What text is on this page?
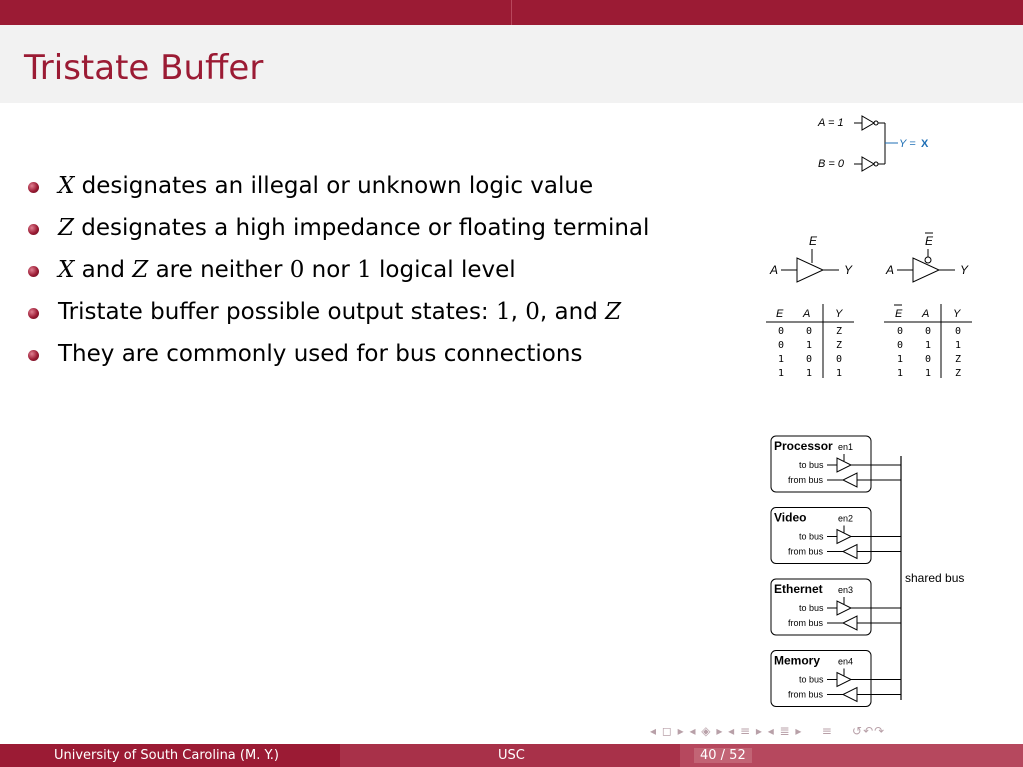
Tristate Buffer
X designates an illegal or unknown logic value
Z designates a high impedance or floating terminal
X and Z are neither 0 nor 1 logical level
Tristate buffer possible output states: 1, 0, and Z
They are commonly used for bus connections
A = 1
B = 0
Y = X
E
A	Y
E
A	Y
E A Y	E A Y
0 0 Z
0 1 Z
1 0 0
1 1 1
0 0 0
0 1 1
1 0 Z
1 1 Z
shared bus
Processor en1
to bus
from bus
Video	en2
to bus
from bus
Ethernet en3
to bus
from bus
Memory en4
to bus
from bus
◂ ◻ ▸ ◂ ◈ ▸ ◂ ≡ ▸ ◂ ≣ ▸    ≡    ↺↶↷
University of South Carolina (M. Y.)	USC	40 / 52
